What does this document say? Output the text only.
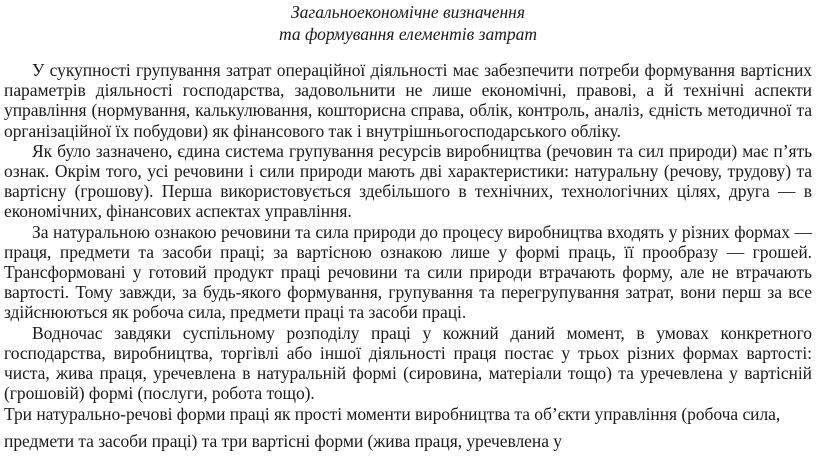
Загальноекономічне визначення

та формування елементів затрат

У сукупності групування затрат операційної діяльності має забезпечити потреби формування вартісних параметрів діяльності господарства, задовольнити не лише економічні, правові, а й технічні аспекти управління (нормування, калькулювання, кошторисна справа, облік, контроль, аналіз, єдність методичної та організаційної їх побудови) як фінансового так і внутрішньогосподарського обліку.

Як було зазначено, єдина система групування ресурсів виробництва (речовин та сил природи) має п’ять ознак. Окрім того, усі речовини і сили природи мають дві характеристики: натуральну (речову, трудову) та вартісну (грошову). Перша використовується здебільшого в технічних, технологічних цілях, друга — в економічних, фінансових аспектах управління.

За натуральною ознакою речовини та сила природи до процесу виробництва входять у різних формах — праця, предмети та засоби праці; за вартісною ознакою лише у формі праць, її прообразу — грошей. Трансформовані у готовий продукт праці речовини та сили природи втрачають форму, але не втрачають вартості. Тому завжди, за будь-якого формування, групування та перегрупування затрат, вони перш за все здійснюються як робоча сила, предмети праці та засоби праці.

Водночас завдяки суспільному розподілу праці у кожний даний момент, в умовах конкретного господарства, виробництва, торгівлі або іншої діяльності праця постає у трьох різних формах вартості: чиста, жива праця, уречевлена в натуральній формі (сировина, матеріали тощо) та уречевлена у вартісній (грошовій) формі (послуги, робота тощо).

Три натурально-речові форми праці як прості моменти виробництва та об’єкти управління (робоча сила, предмети та засоби праці) та три вартісні форми (жива праця, уречевлена у
